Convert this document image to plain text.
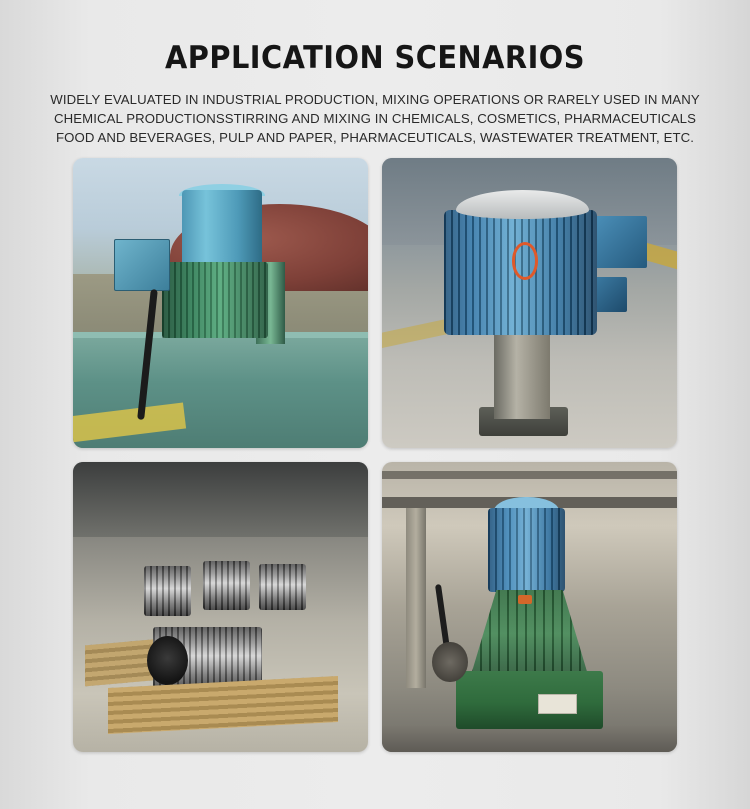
APPLICATION SCENARIOS
WIDELY EVALUATED IN INDUSTRIAL PRODUCTION, MIXING OPERATIONS OR RARELY USED IN MANY
CHEMICAL PRODUCTIONSSTIRRING AND MIXING IN CHEMICALS, COSMETICS, PHARMACEUTICALS
FOOD AND BEVERAGES, PULP AND PAPER, PHARMACEUTICALS, WASTEWATER TREATMENT, ETC.
